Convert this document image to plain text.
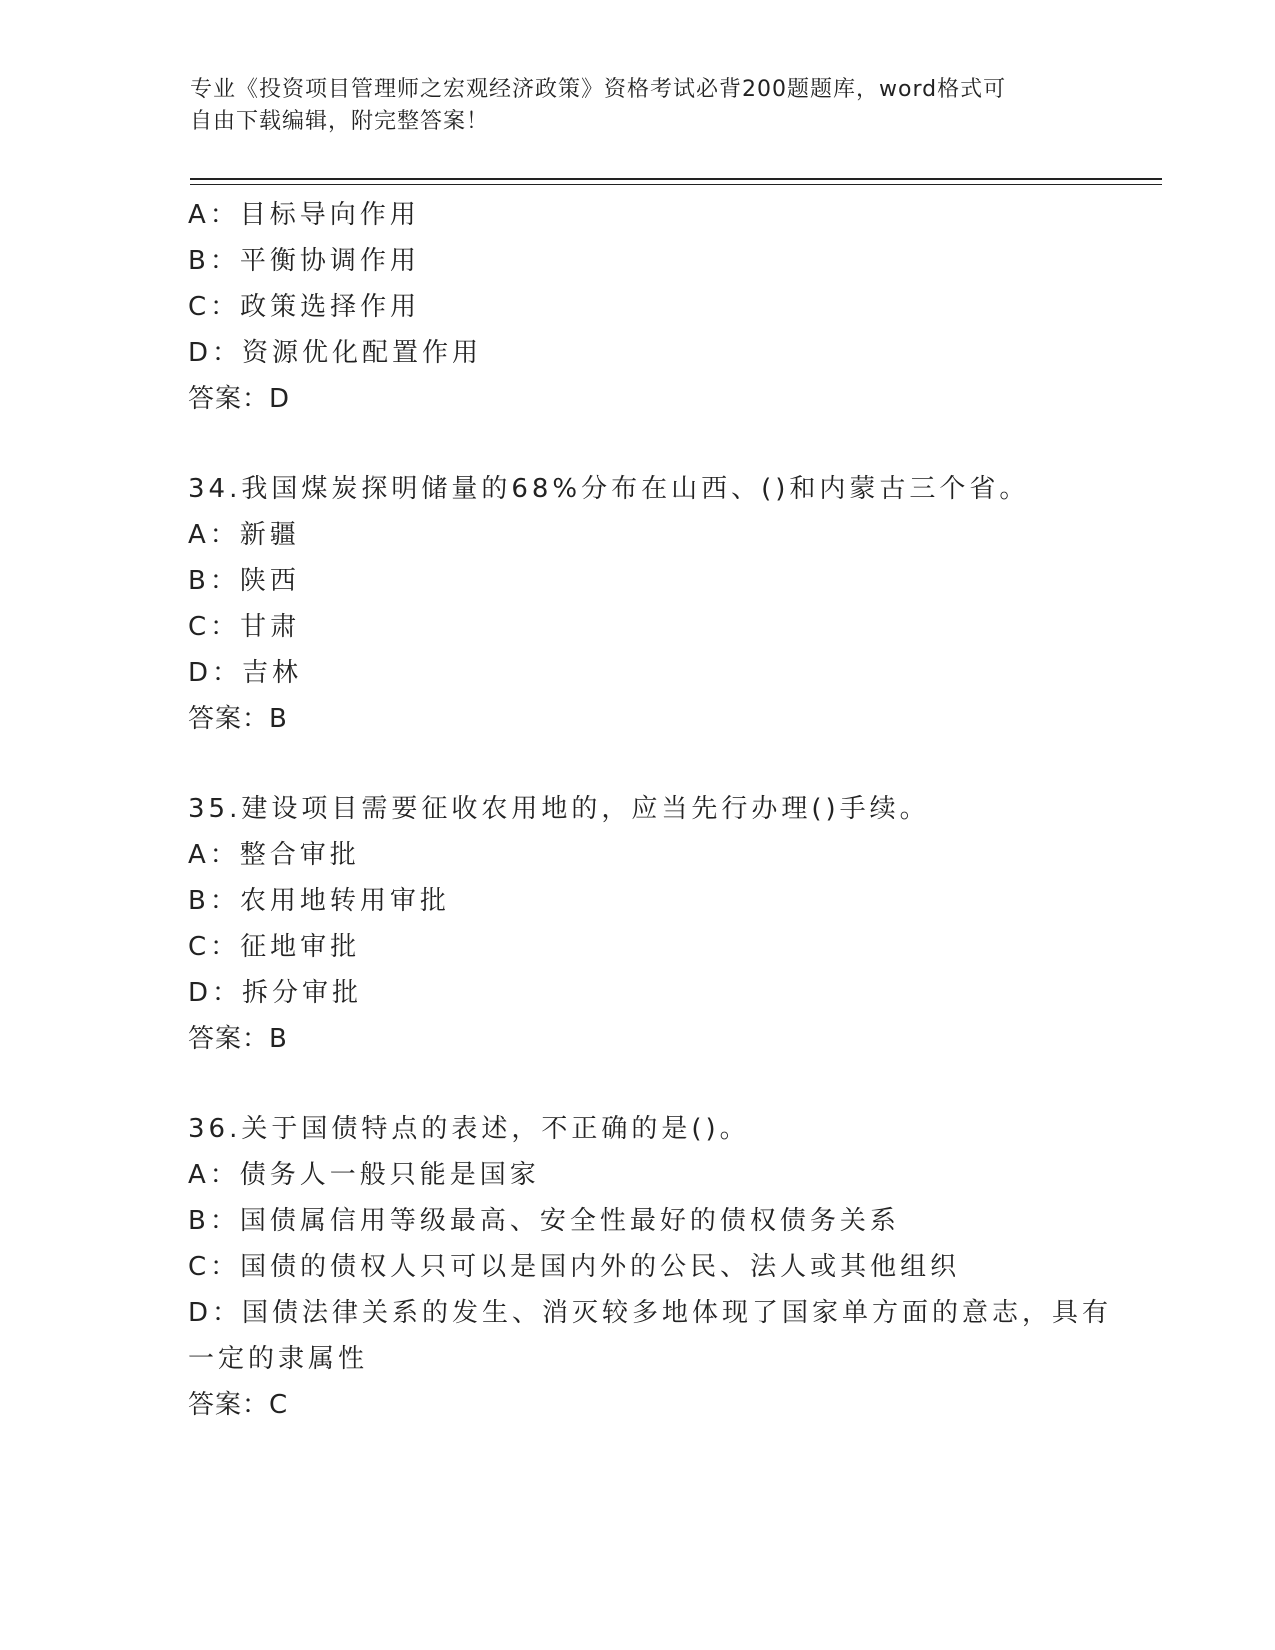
专业《投资项目管理师之宏观经济政策》资格考试必背200题题库，word格式可
自由下载编辑，附完整答案！
A：目标导向作用
B：平衡协调作用
C：政策选择作用
D：资源优化配置作用
答案：D
34.我国煤炭探明储量的68%分布在山西、()和内蒙古三个省。
A：新疆
B：陕西
C：甘肃
D：吉林
答案：B
35.建设项目需要征收农用地的，应当先行办理()手续。
A：整合审批
B：农用地转用审批
C：征地审批
D：拆分审批
答案：B
36.关于国债特点的表述，不正确的是()。
A：债务人一般只能是国家
B：国债属信用等级最高、安全性最好的债权债务关系
C：国债的债权人只可以是国内外的公民、法人或其他组织
D：国债法律关系的发生、消灭较多地体现了国家单方面的意志，具有
一定的隶属性
答案：C
